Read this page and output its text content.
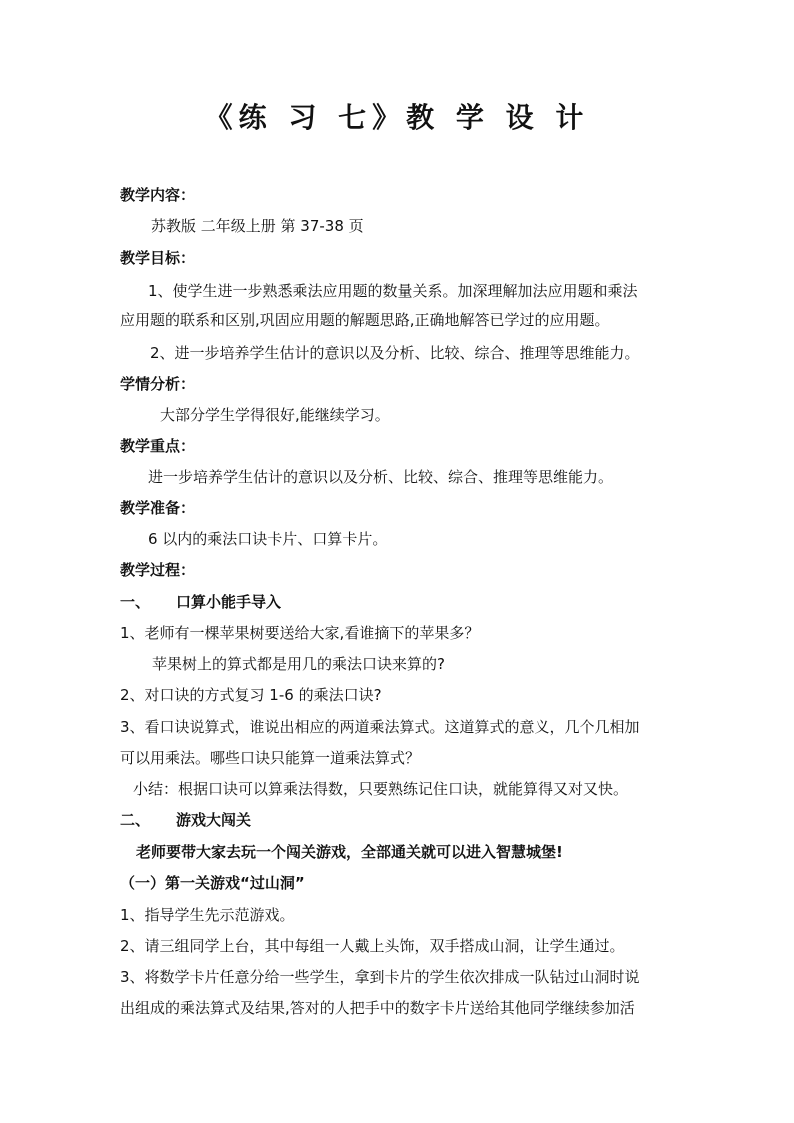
《练 习 七》教 学 设 计
教学内容：
苏教版 二年级上册 第 37-38 页
教学目标：
1、使学生进一步熟悉乘法应用题的数量关系。加深理解加法应用题和乘法
应用题的联系和区别,巩固应用题的解题思路,正确地解答已学过的应用题。
2、进一步培养学生估计的意识以及分析、比较、综合、推理等思维能力。
学情分析：
大部分学生学得很好,能继续学习。
教学重点：
进一步培养学生估计的意识以及分析、比较、综合、推理等思维能力。
教学准备：
6 以内的乘法口诀卡片、口算卡片。
教学过程：
一、 口算小能手导入
1、老师有一棵苹果树要送给大家,看谁摘下的苹果多？
苹果树上的算式都是用几的乘法口诀来算的?
2、对口诀的方式复习 1-6 的乘法口诀?
3、看口诀说算式，谁说出相应的两道乘法算式。这道算式的意义，几个几相加
可以用乘法。哪些口诀只能算一道乘法算式？
小结：根据口诀可以算乘法得数，只要熟练记住口诀，就能算得又对又快。
二、 游戏大闯关
老师要带大家去玩一个闯关游戏，全部通关就可以进入智慧城堡!
（一）第一关游戏“过山洞”
1、指导学生先示范游戏。
2、请三组同学上台，其中每组一人戴上头饰，双手搭成山洞，让学生通过。
3、将数学卡片任意分给一些学生，拿到卡片的学生依次排成一队钻过山洞时说
出组成的乘法算式及结果,答对的人把手中的数字卡片送给其他同学继续参加活
